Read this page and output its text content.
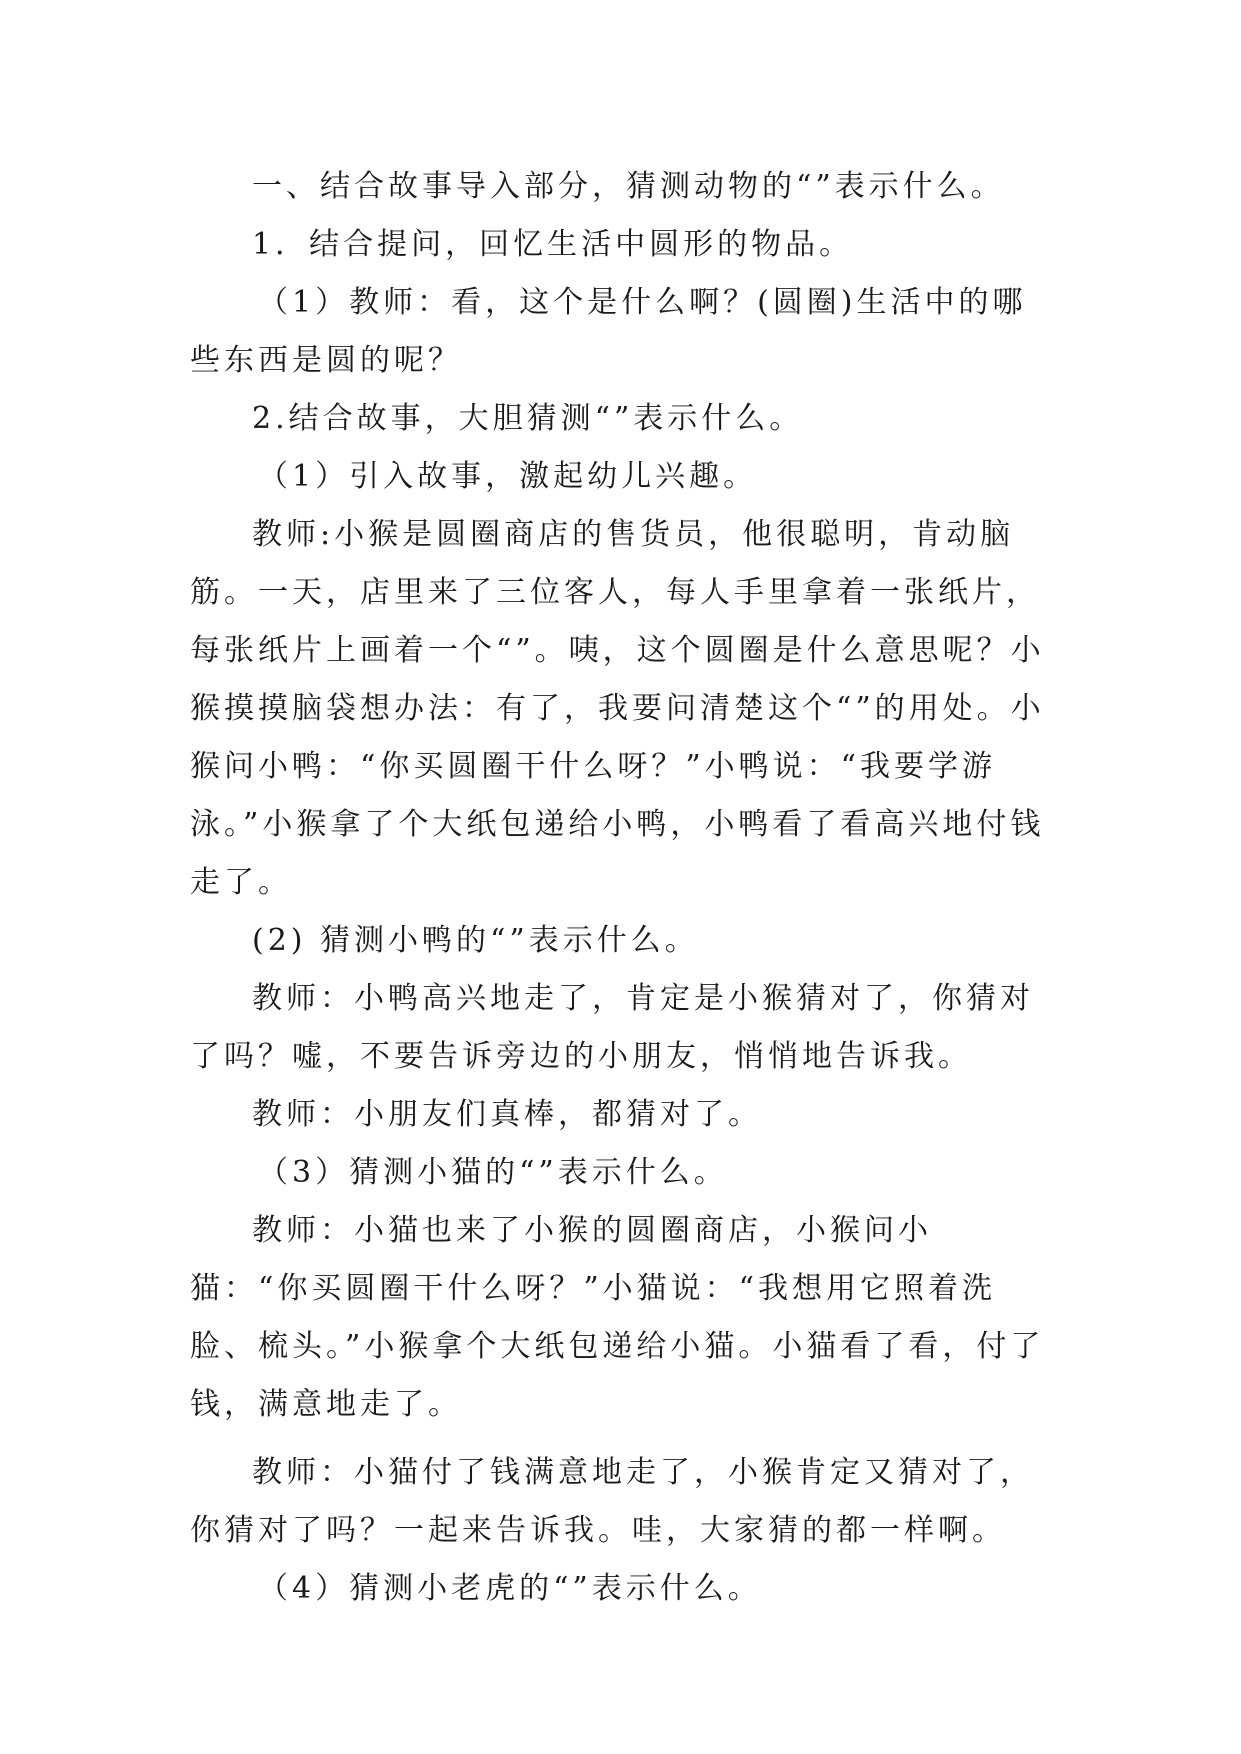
一、结合故事导入部分，猜测动物的“”表示什么。

1．结合提问，回忆生活中圆形的物品。

（1）教师：看，这个是什么啊？(圆圈)生活中的哪些东西是圆的呢？

2.结合故事，大胆猜测“”表示什么。

（1）引入故事，激起幼儿兴趣。

教师:小猴是圆圈商店的售货员，他很聪明，肯动脑筋。一天，店里来了三位客人，每人手里拿着一张纸片，每张纸片上画着一个“”。咦，这个圆圈是什么意思呢？小猴摸摸脑袋想办法：有了，我要问清楚这个“”的用处。小猴问小鸭：“你买圆圈干什么呀？”小鸭说：“我要学游泳。”小猴拿了个大纸包递给小鸭，小鸭看了看高兴地付钱走了。

(2) 猜测小鸭的“”表示什么。

教师：小鸭高兴地走了，肯定是小猴猜对了，你猜对了吗？嘘，不要告诉旁边的小朋友，悄悄地告诉我。

教师：小朋友们真棒，都猜对了。

（3）猜测小猫的“”表示什么。

教师：小猫也来了小猴的圆圈商店，小猴问小猫：“你买圆圈干什么呀？”小猫说：“我想用它照着洗脸、梳头。”小猴拿个大纸包递给小猫。小猫看了看，付了钱，满意地走了。

教师：小猫付了钱满意地走了，小猴肯定又猜对了，你猜对了吗？一起来告诉我。哇，大家猜的都一样啊。

（4）猜测小老虎的“”表示什么。
